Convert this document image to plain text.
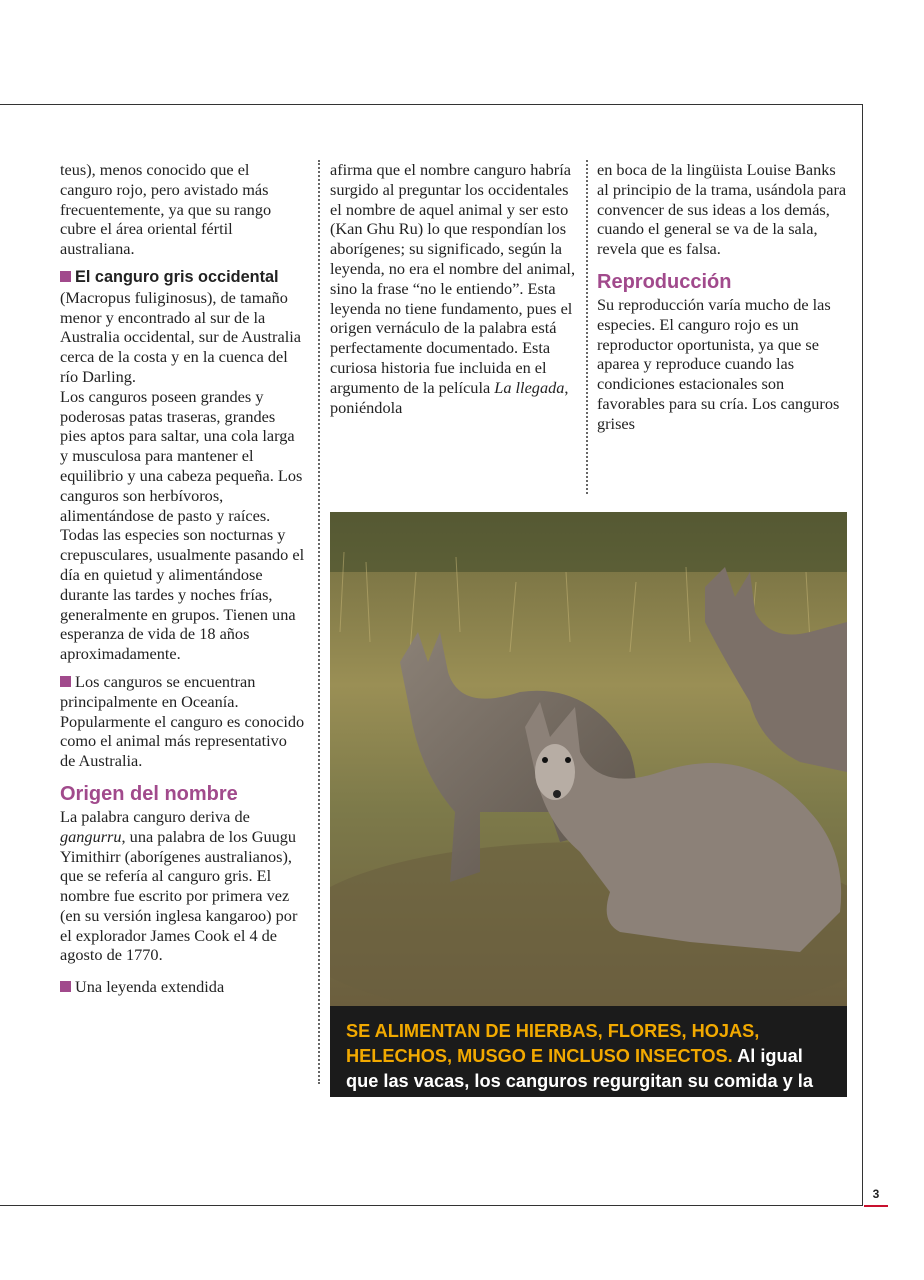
3

teus), menos conocido que el canguro rojo, pero avistado más frecuentemente, ya que su rango cubre el área oriental fértil australiana.

El canguro gris occidental (Macropus fuliginosus), de tamaño menor y encontrado al sur de la Australia occidental, sur de Australia cerca de la costa y en la cuenca del río Darling.

Los canguros poseen grandes y poderosas patas traseras, grandes pies aptos para saltar, una cola larga y musculosa para mantener el equilibrio y una cabeza pequeña. Los canguros son herbívoros, alimentándose de pasto y raíces. Todas las especies son nocturnas y crepusculares, usualmente pasando el día en quietud y alimentándose durante las tardes y noches frías, generalmente en grupos. Tienen una esperanza de vida de 18 años aproximadamente.

Los canguros se encuentran principalmente en Oceanía. Popularmente el canguro es conocido como el animal más representativo de Australia.

Origen del nombre

La palabra canguro deriva de gangurru, una palabra de los Guugu Yimithirr (aborígenes australianos), que se refería al canguro gris. El nombre fue escrito por primera vez (en su versión inglesa kangaroo) por el explorador James Cook el 4 de agosto de 1770.

Una leyenda extendida

afirma que el nombre canguro habría surgido al preguntar los occidentales el nombre de aquel animal y ser esto (Kan Ghu Ru) lo que respondían los aborígenes; su significado, según la leyenda, no era el nombre del animal, sino la frase “no le entiendo”. Esta leyenda no tiene fundamento, pues el origen vernáculo de la palabra está perfectamente documentado. Esta curiosa historia fue incluida en el argumento de la película La llegada, poniéndola

en boca de la lingüista Louise Banks al principio de la trama, usándola para convencer de sus ideas a los demás, cuando el general se va de la sala, revela que es falsa.

Reproducción

Su reproducción varía mucho de las especies. El canguro rojo es un reproductor oportunista, ya que se aparea y reproduce cuando las condiciones estacionales son favorables para su cría. Los canguros grises

SE ALIMENTAN DE HIERBAS, FLORES, HOJAS, HELECHOS, MUSGO E INCLUSO INSECTOS. Al igual que las vacas, los canguros regurgitan su comida y la vuelven a masticar antes de que esté lista para ser totalmente digerida.
